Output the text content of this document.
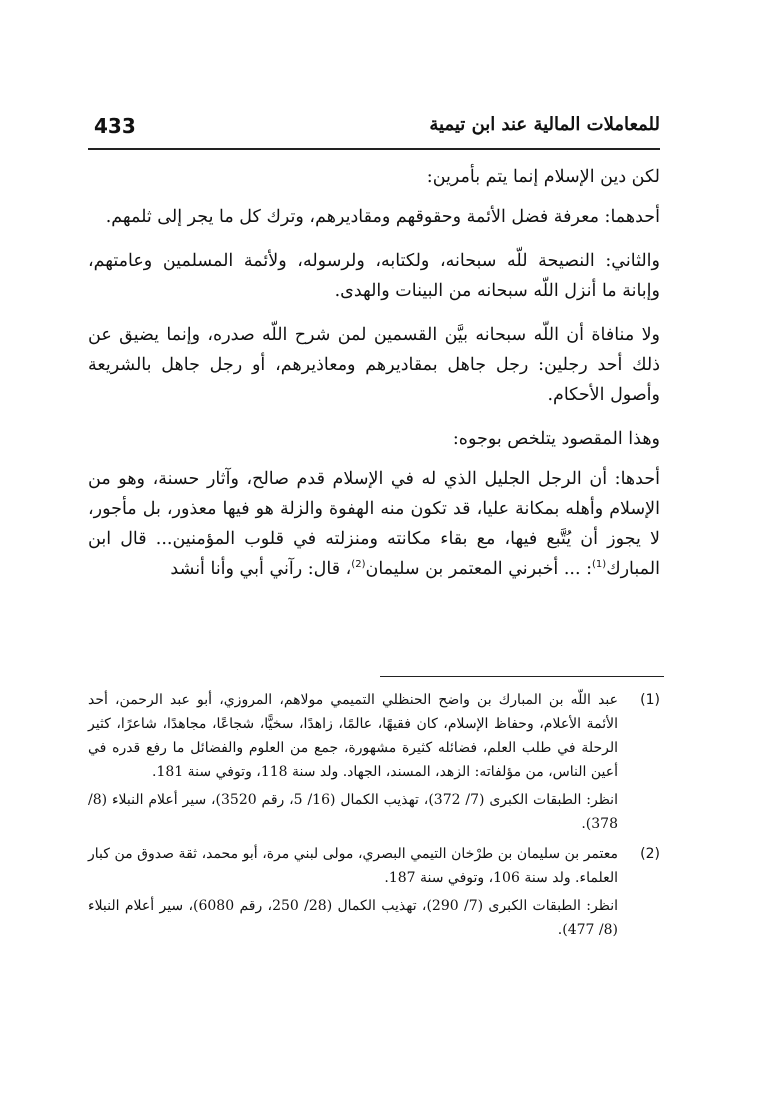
433	للمعاملات المالية عند ابن تيمية

لكن دين الإسلام إنما يتم بأمرين:

أحدهما: معرفة فضل الأئمة وحقوقهم ومقاديرهم، وترك كل ما يجر إلى ثلمهم.

والثاني: النصيحة للّه سبحانه، ولكتابه، ولرسوله، ولأئمة المسلمين وعامتهم، وإبانة ما أنزل اللّه سبحانه من البينات والهدى.

ولا منافاة أن اللّه سبحانه بيَّن القسمين لمن شرح اللّه صدره، وإنما يضيق عن ذلك أحد رجلين: رجل جاهل بمقاديرهم ومعاذيرهم، أو رجل جاهل بالشريعة وأصول الأحكام.

وهذا المقصود يتلخص بوجوه:

أحدها: أن الرجل الجليل الذي له في الإسلام قدم صالح، وآثار حسنة، وهو من الإسلام وأهله بمكانة عليا، قد تكون منه الهفوة والزلة هو فيها معذور، بل مأجور، لا يجوز أن يُتَّبع فيها، مع بقاء مكانته ومنزلته في قلوب المؤمنين... قال ابن المبارك$^{(1)}$: ... أخبرني المعتمر بن سليمان$^{(2)}$، قال: رآني أبي وأنا أنشد

(1)

عبد اللّه بن المبارك بن واضح الحنظلي التميمي مولاهم، المروزي، أبو عبد الرحمن، أحد الأئمة الأعلام، وحفاظ الإسلام، كان فقيهًا، عالمًا، زاهدًا، سخيًّا، شجاعًا، مجاهدًا، شاعرًا، كثير الرحلة في طلب العلم، فضائله كثيرة مشهورة، جمع من العلوم والفضائل ما رفع قدره في أعين الناس، من مؤلفاته: الزهد، المسند، الجهاد. ولد سنة 118، وتوفي سنة 181.

انظر: الطبقات الكبرى (7/ 372)، تهذيب الكمال (16/ 5، رقم 3520)، سير أعلام النبلاء (8/ 378).

(2)

معتمر بن سليمان بن طرْخان التيمي البصري، مولى لبني مرة، أبو محمد، ثقة صدوق من كبار العلماء. ولد سنة 106، وتوفي سنة 187.

انظر: الطبقات الكبرى (7/ 290)، تهذيب الكمال (28/ 250، رقم 6080)، سير أعلام النبلاء (8/ 477).
